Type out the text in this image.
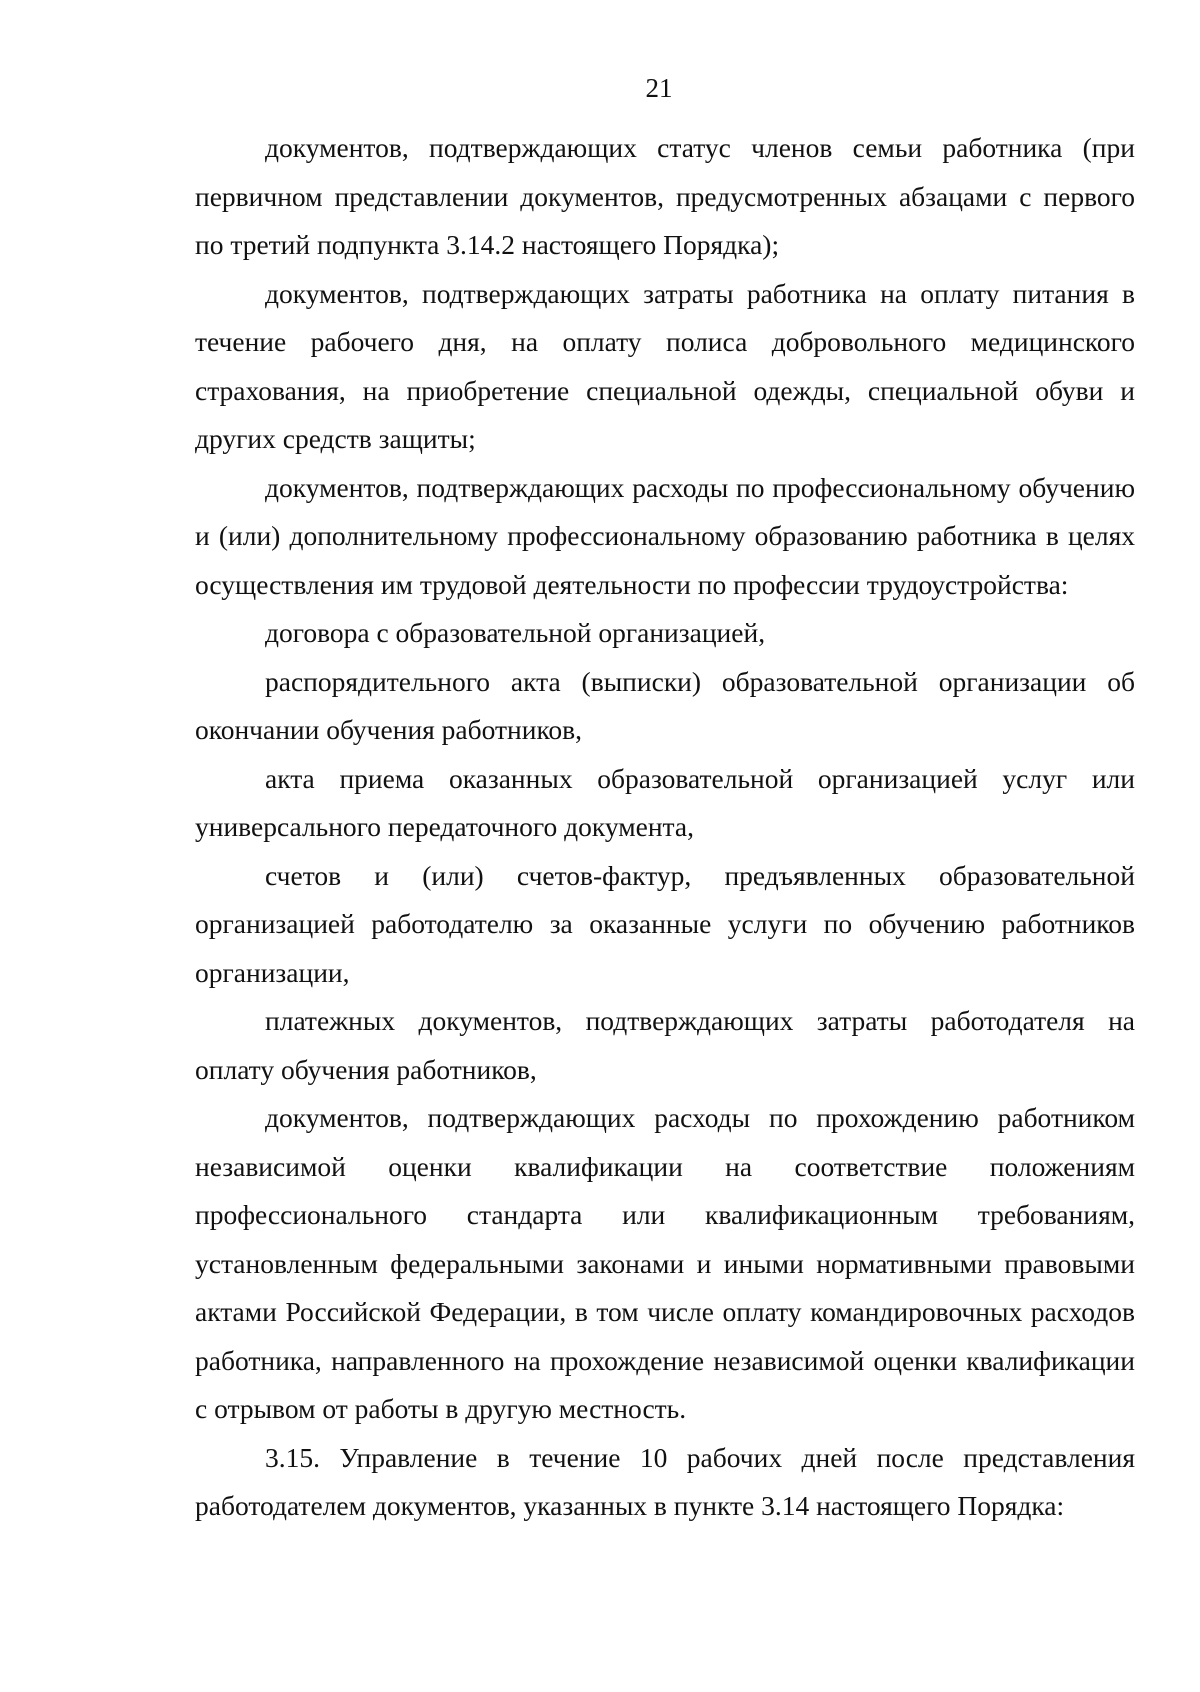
21

документов, подтверждающих статус членов семьи работника (при первичном представлении документов, предусмотренных абзацами с первого по третий подпункта 3.14.2 настоящего Порядка);

документов, подтверждающих затраты работника на оплату питания в течение рабочего дня, на оплату полиса добровольного медицинского страхования, на приобретение специальной одежды, специальной обуви и других средств защиты;

документов, подтверждающих расходы по профессиональному обучению и (или) дополнительному профессиональному образованию работника в целях осуществления им трудовой деятельности по профессии трудоустройства:

договора с образовательной организацией,

распорядительного акта (выписки) образовательной организации об окончании обучения работников,

акта приема оказанных образовательной организацией услуг или универсального передаточного документа,

счетов и (или) счетов-фактур, предъявленных образовательной организацией работодателю за оказанные услуги по обучению работников организации,

платежных документов, подтверждающих затраты работодателя на оплату обучения работников,

документов, подтверждающих расходы по прохождению работником независимой оценки квалификации на соответствие положениям профессионального стандарта или квалификационным требованиям, установленным федеральными законами и иными нормативными правовыми актами Российской Федерации, в том числе оплату командировочных расходов работника, направленного на прохождение независимой оценки квалификации с отрывом от работы в другую местность.

3.15. Управление в течение 10 рабочих дней после представления работодателем документов, указанных в пункте 3.14 настоящего Порядка:
